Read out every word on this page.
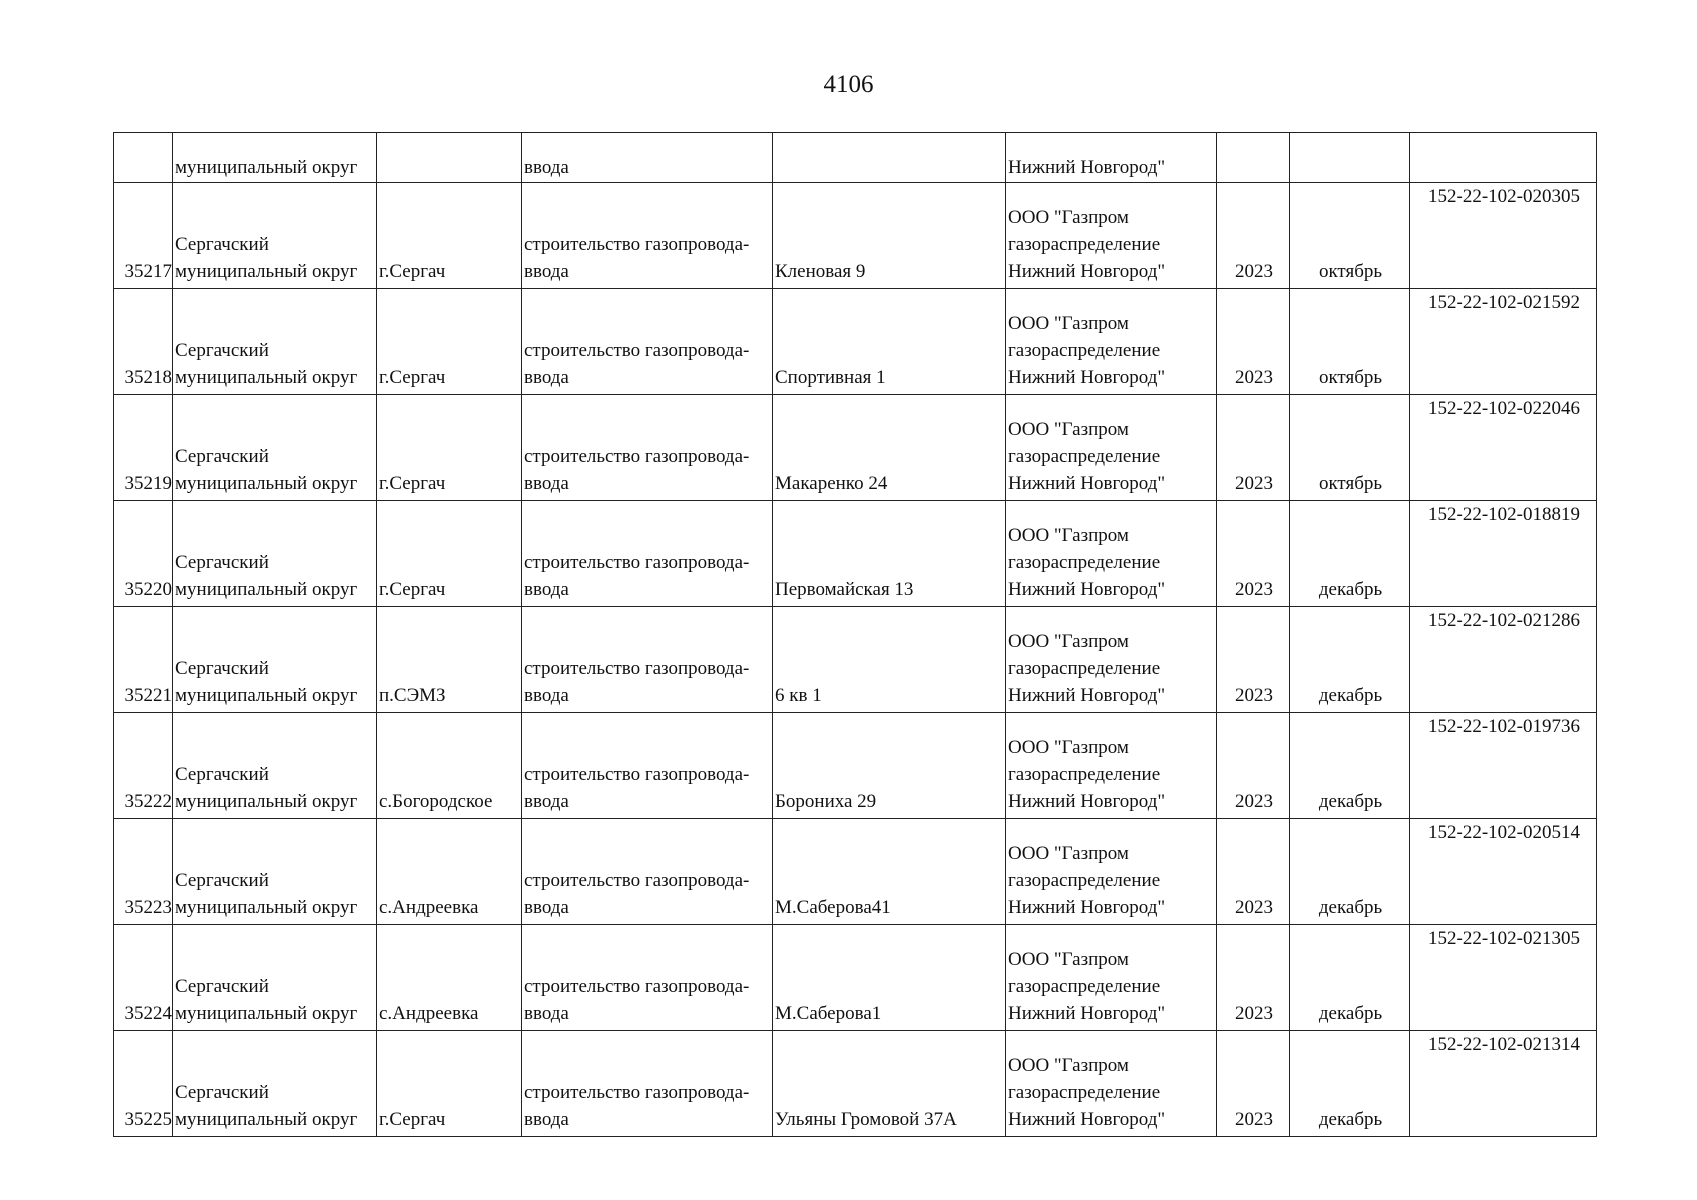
4106
	муниципальный округ		ввода		Нижний Новгород"			
35217	Сергачский
муниципальный округ	г.Сергач	строительство газопровода-
ввода	Кленовая 9	ООО "Газпром
газораспределение
Нижний Новгород"	2023	октябрь	152-22-102-020305
35218	Сергачский
муниципальный округ	г.Сергач	строительство газопровода-
ввода	Спортивная 1	ООО "Газпром
газораспределение
Нижний Новгород"	2023	октябрь	152-22-102-021592
35219	Сергачский
муниципальный округ	г.Сергач	строительство газопровода-
ввода	Макаренко 24	ООО "Газпром
газораспределение
Нижний Новгород"	2023	октябрь	152-22-102-022046
35220	Сергачский
муниципальный округ	г.Сергач	строительство газопровода-
ввода	Первомайская 13	ООО "Газпром
газораспределение
Нижний Новгород"	2023	декабрь	152-22-102-018819
35221	Сергачский
муниципальный округ	п.СЭМЗ	строительство газопровода-
ввода	6 кв 1	ООО "Газпром
газораспределение
Нижний Новгород"	2023	декабрь	152-22-102-021286
35222	Сергачский
муниципальный округ	с.Богородское	строительство газопровода-
ввода	Борониха 29	ООО "Газпром
газораспределение
Нижний Новгород"	2023	декабрь	152-22-102-019736
35223	Сергачский
муниципальный округ	с.Андреевка	строительство газопровода-
ввода	М.Саберова41	ООО "Газпром
газораспределение
Нижний Новгород"	2023	декабрь	152-22-102-020514
35224	Сергачский
муниципальный округ	с.Андреевка	строительство газопровода-
ввода	М.Саберова1	ООО "Газпром
газораспределение
Нижний Новгород"	2023	декабрь	152-22-102-021305
35225	Сергачский
муниципальный округ	г.Сергач	строительство газопровода-
ввода	Ульяны Громовой 37А	ООО "Газпром
газораспределение
Нижний Новгород"	2023	декабрь	152-22-102-021314
